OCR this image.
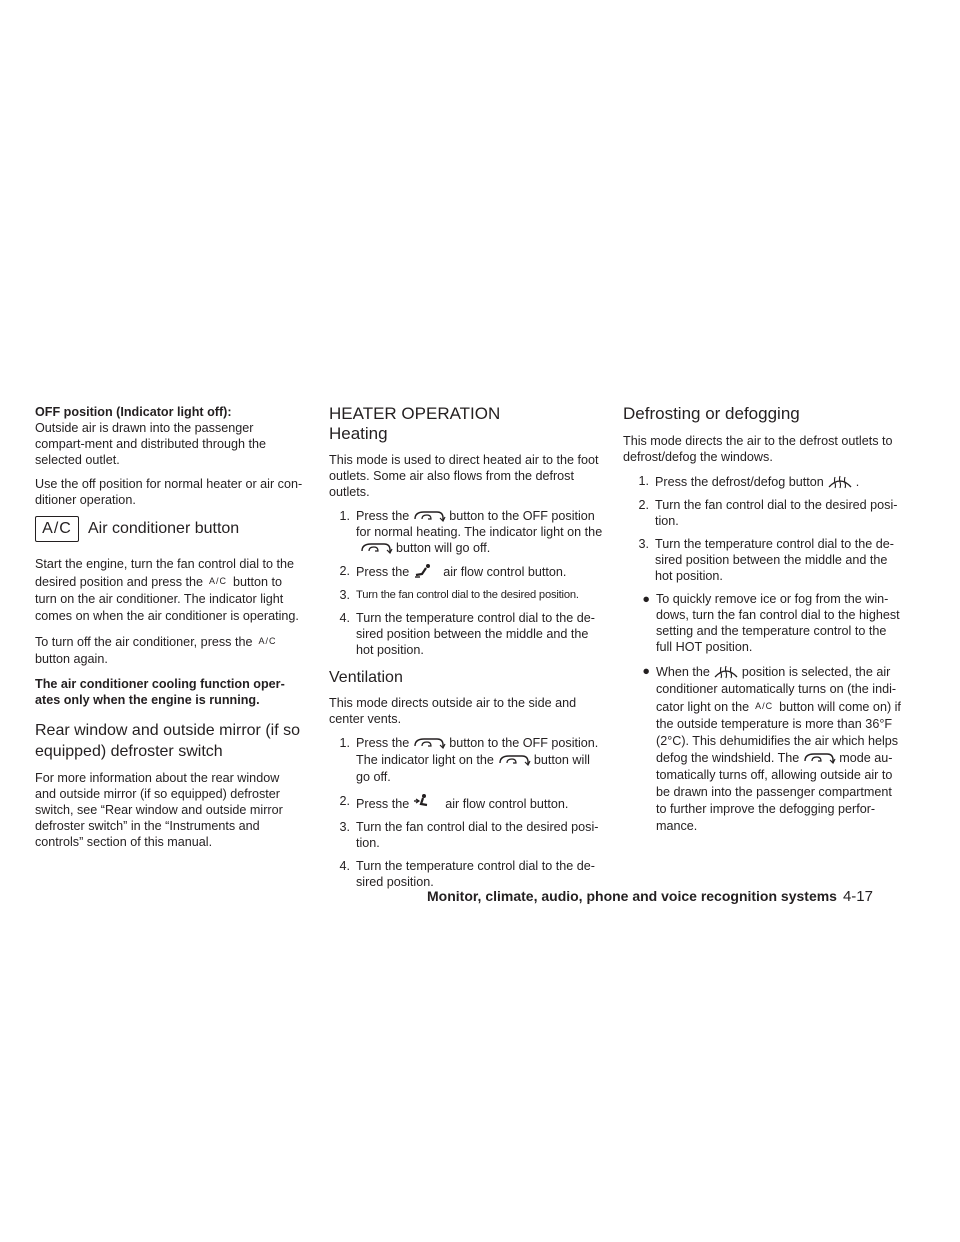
OFF position (Indicator light off):
Outside air is drawn into the passenger compart-ment and distributed through the selected outlet.

Use the off position for normal heater or air con-ditioner operation.

A/C	Air conditioner button

Start the engine, turn the fan control dial to the desired position and press the A/C button to turn on the air conditioner. The indicator light comes on when the air conditioner is operating.

To turn off the air conditioner, press the A/C
button again.

The air conditioner cooling function oper-ates only when the engine is running.

Rear window and outside mirror (if so equipped) defroster switch

For more information about the rear window and outside mirror (if so equipped) defroster switch, see “Rear window and outside mirror defroster switch” in the “Instruments and controls” section of this manual.

HEATER OPERATION
Heating

This mode is used to direct heated air to the foot outlets. Some air also flows from the defrost outlets.

1. Press the	button to the OFF position for normal heating. The indicator light on thebutton will go off.
2. Press the	air flow control button.
3. Turn the fan control dial to the desired position.
4. Turn the temperature control dial to the de-sired position between the middle and the hot position.
Ventilation

This mode directs outside air to the side and center vents.

1. Press the	button to the OFF position. The indicator light on the	button will go off.
2. Press the	air flow control button.
3. Turn the fan control dial to the desired posi-tion.
4. Turn the temperature control dial to the de-sired position.
Defrosting or defogging

This mode directs the air to the defrost outlets to defrost/defog the windows.

1. Press the defrost/defog button	.
2. Turn the fan control dial to the desired posi-tion.
3. Turn the temperature control dial to the de-sired position between the middle and the hot position.
● To quickly remove ice or fog from the win-dows, turn the fan control dial to the highest setting and the temperature control to the full HOT position.
● When the	position is selected, the air conditioner automatically turns on (the indi-cator light on the A/C button will come on) if the outside temperature is more than 36°F (2°C). This dehumidifies the air which helps defog the windshield. The	mode au-tomatically turns off, allowing outside air to be drawn into the passenger compartment to further improve the defogging perfor-mance.
Monitor, climate, audio, phone and voice recognition systems 4-17
